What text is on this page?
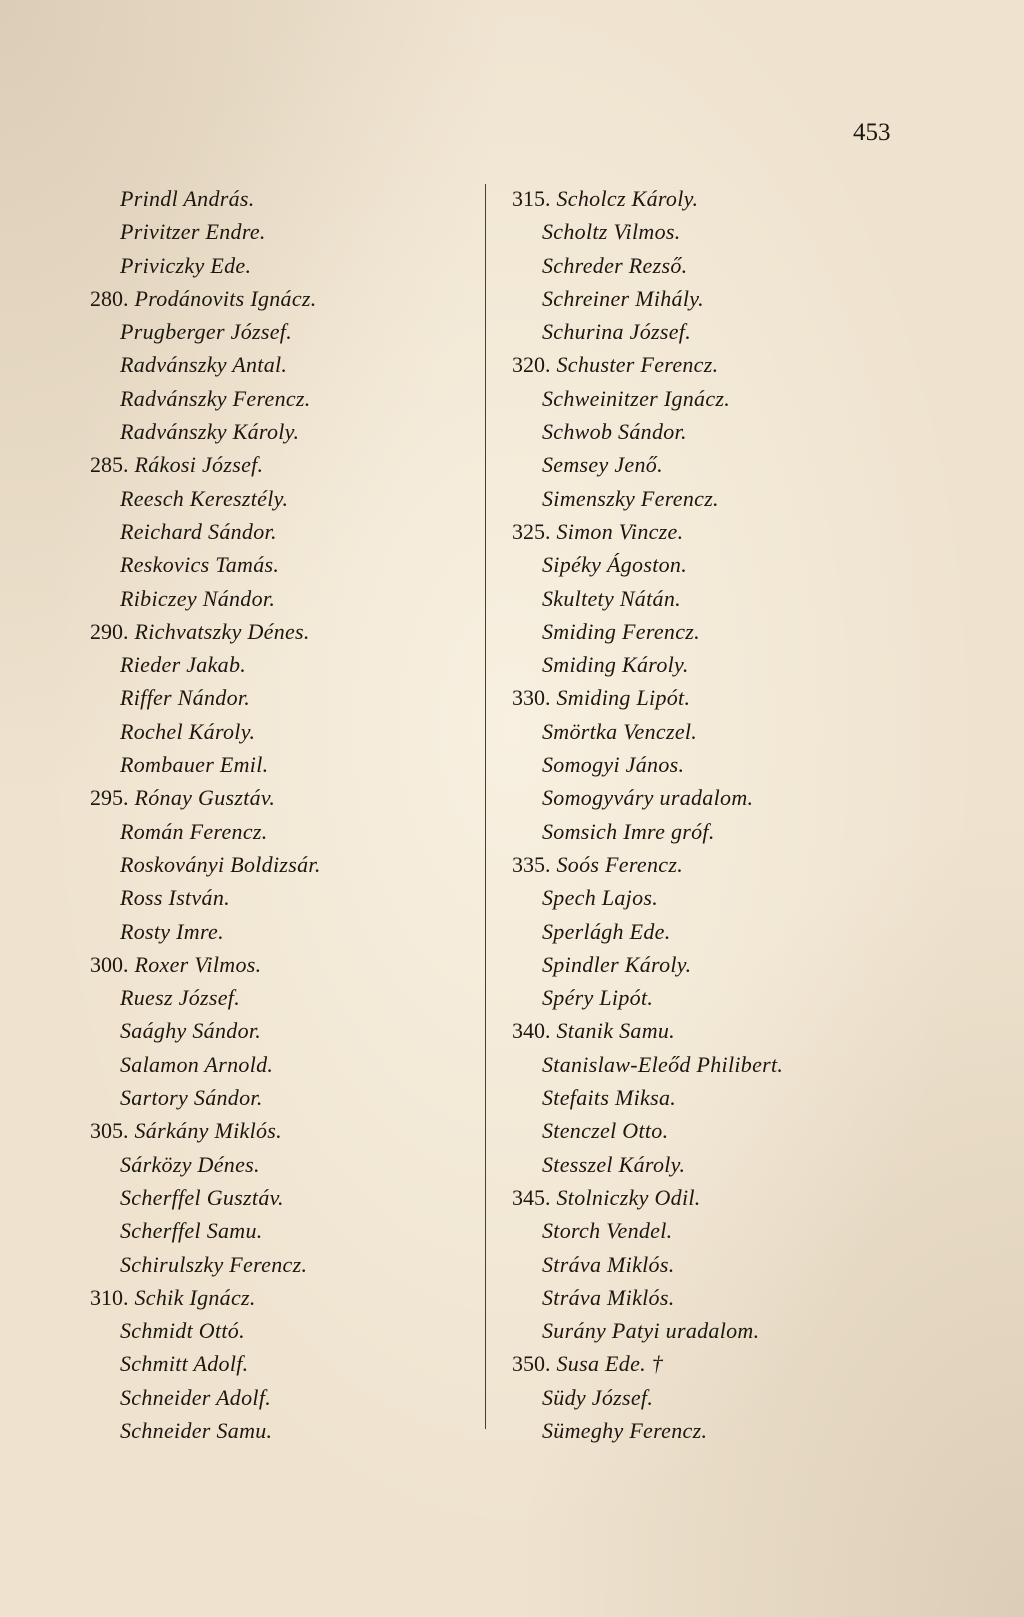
453
Prindl András.
Privitzer Endre.
Priviczky Ede.
280. Prodánovits Ignácz.
Prugberger József.
Radvánszky Antal.
Radvánszky Ferencz.
Radvánszky Károly.
285. Rákosi József.
Reesch Keresztély.
Reichard Sándor.
Reskovics Tamás.
Ribiczey Nándor.
290. Richvatszky Dénes.
Rieder Jakab.
Riffer Nándor.
Rochel Károly.
Rombauer Emil.
295. Rónay Gusztáv.
Román Ferencz.
Roskoványi Boldizsár.
Ross István.
Rosty Imre.
300. Roxer Vilmos.
Ruesz József.
Saághy Sándor.
Salamon Arnold.
Sartory Sándor.
305. Sárkány Miklós.
Sárközy Dénes.
Scherffel Gusztáv.
Scherffel Samu.
Schirulszky Ferencz.
310. Schik Ignácz.
Schmidt Ottó.
Schmitt Adolf.
Schneider Adolf.
Schneider Samu.
315. Scholcz Károly.
Scholtz Vilmos.
Schreder Rezső.
Schreiner Mihály.
Schurina József.
320. Schuster Ferencz.
Schweinitzer Ignácz.
Schwob Sándor.
Semsey Jenő.
Simenszky Ferencz.
325. Simon Vincze.
Sipéky Ágoston.
Skultety Nátán.
Smiding Ferencz.
Smiding Károly.
330. Smiding Lipót.
Smörtka Venczel.
Somogyi János.
Somogyváry uradalom.
Somsich Imre gróf.
335. Soós Ferencz.
Spech Lajos.
Sperlágh Ede.
Spindler Károly.
Spéry Lipót.
340. Stanik Samu.
Stanislaw-Eleőd Philibert.
Stefaits Miksa.
Stenczel Otto.
Stesszel Károly.
345. Stolniczky Odil.
Storch Vendel.
Stráva Miklós.
Stráva Miklós.
Surány Patyi uradalom.
350. Susa Ede. †
Südy József.
Sümeghy Ferencz.
